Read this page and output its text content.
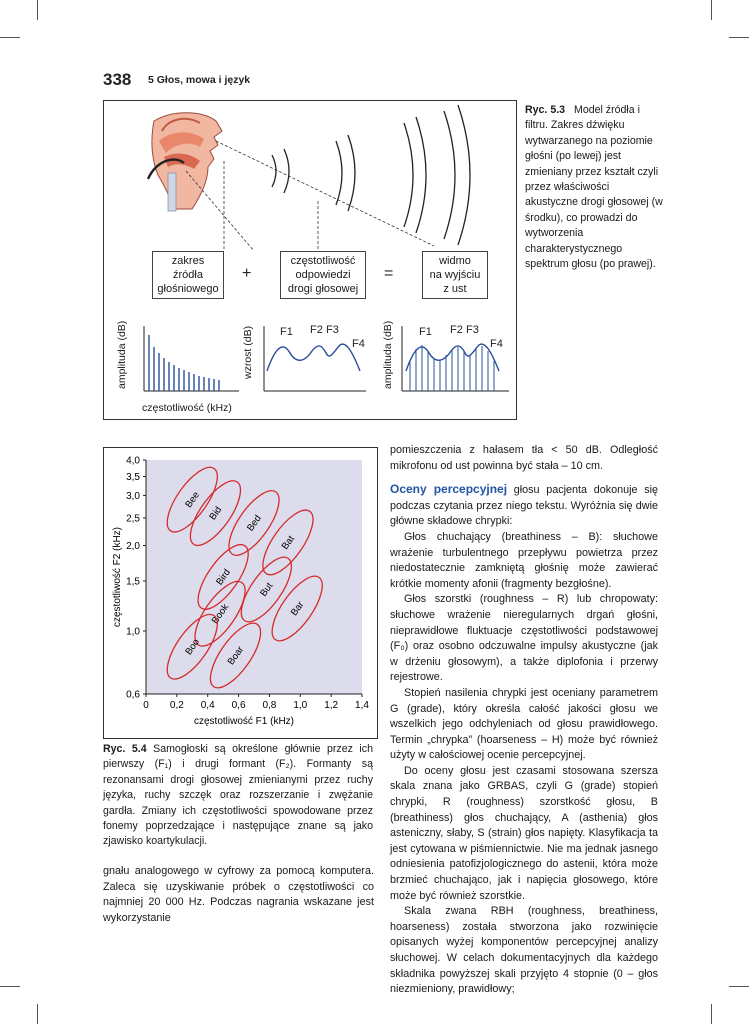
338 5 Głos, mowa i język
F1 F2 F3
F4
F1 F2 F3
F4
zakres
źródła
głośniowego
+
częstotliwość
odpowiedzi
drogi głosowej
=
widmo
na wyjściu
z ust
amplituda (dB)	wzrost (dB)	amplituda (dB)
częstotliwość (kHz)
Ryc. 5.3 Model źródła i filtru. Zakres dźwięku wytwarzanego na poziomie głośni (po lewej) jest zmieniany przez kształt czyli przez właściwości akustyczne drogi głosowej (w środku), co prowadzi do wytworzenia charakterystycznego spektrum głosu (po prawej).
0 0,2 0,4 0,6 0,8 1,0 1,2 1,4
0,6
1,0
1,5
2,0
2,5
3,0
3,5
4,0
częstotliwość F1 (kHz)
częstotliwość F2 (kHz)
Bee
Bid Bed
Bat
Bird
But
Bar
Book
Boo Boar
Ryc. 5.4 Samogłoski są określone głównie przez ich pierwszy (F₁) i drugi formant (F₂). Formanty są rezonansami drogi głosowej zmienianymi przez ruchy języka, ruchy szczęk oraz rozszerzanie i zwężanie gardła. Zmiany ich częstotliwości spowodowane przez fonemy poprzedzające i następujące znane są jako zjawisko koartykulacji.

gnału analogowego w cyfrowy za pomocą komputera. Zaleca się uzyskiwanie próbek o częstotliwości co najmniej 20 000 Hz. Podczas nagrania wskazane jest wykorzystanie

pomieszczenia z hałasem tła < 50 dB. Odległość mikrofonu od ust powinna być stała – 10 cm.

Oceny percepcyjnej głosu pacjenta dokonuje się podczas czytania przez niego tekstu. Wyróżnia się dwie główne składowe chrypki:

Głos chuchający (breathiness – B): słuchowe wrażenie turbulentnego przepływu powietrza przez niedostatecznie zamkniętą głośnię może zawierać krótkie momenty afonii (fragmenty bezgłośne).

Głos szorstki (roughness – R) lub chropowaty: słuchowe wrażenie nieregularnych drgań głośni, nieprawidłowe fluktuacje częstotliwości podstawowej (F₀) oraz osobno odczuwalne impulsy akustyczne (jak w drżeniu głosowym), a także diplofonia i przerwy rejestrowe.

Stopień nasilenia chrypki jest oceniany parametrem G (grade), który określa całość jakości głosu we wszelkich jego odchyleniach od głosu prawidłowego. Termin „chrypka” (hoarseness – H) może być również użyty w całościowej ocenie percepcyjnej.

Do oceny głosu jest czasami stosowana szersza skala znana jako GRBAS, czyli G (grade) stopień chrypki, R (roughness) szorstkość głosu, B (breathiness) głos chuchający, A (asthenia) głos asteniczny, słaby, S (strain) głos napięty. Klasyfikacja ta jest cytowana w piśmiennictwie. Nie ma jednak jasnego odniesienia patofizjologicznego do astenii, która może brzmieć chuchająco, jak i napięcia głosowego, które może być również szorstkie.

Skala zwana RBH (roughness, breathiness, hoarseness) została stworzona jako rozwinięcie opisanych wyżej komponentów percepcyjnej analizy słuchowej. W celach dokumentacyjnych dla każdego składnika powyższej skali przyjęto 4 stopnie (0 – głos niezmieniony, prawidłowy;
